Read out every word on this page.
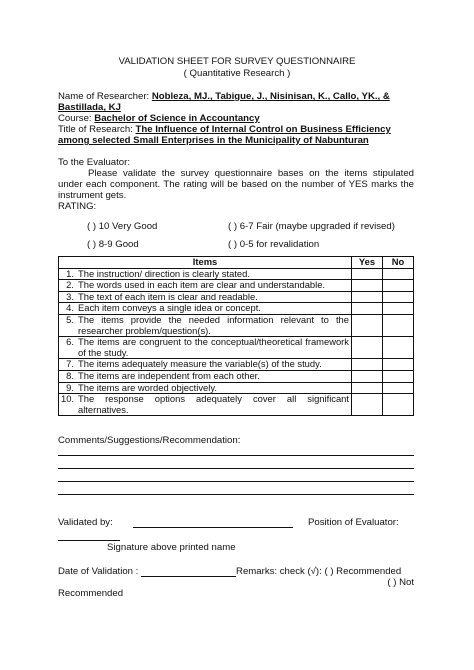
VALIDATION SHEET FOR SURVEY QUESTIONNAIRE
( Quantitative Research )
Name of Researcher: Nobleza, MJ., Tabigue, J., Nisinisan, K., Callo, YK., &
Bastillada, KJ
Course: Bachelor of Science in Accountancy
Title of Research: The Influence of Internal Control on Business Efficiency
among selected Small Enterprises in the Municipality of Nabunturan
To the Evaluator:
Please validate the survey questionnaire bases on the items stipulated under each component. The rating will be based on the number of YES marks the instrument gets.
RATING:
( ) 10 Very Good	( ) 6-7 Fair (maybe upgraded if revised)
( ) 8-9 Good	( ) 0-5 for revalidation
Items	Yes	No

1. The instruction/ direction is clearly stated.		

2. The words used in each item are clear and understandable.		

3. The text of each item is clear and readable.		

4. Each item conveys a single idea or concept.		

5. The items provide the needed information relevant to the researcher problem/question(s).		

6. The items are congruent to the conceptual/theoretical framework of the study.		

7. The items adequately measure the variable(s) of the study.		

8. The items are independent from each other.		

9. The items are worded objectively.		

10. The response options adequately cover all significant alternatives.		

Comments/Suggestions/Recommendation:
Validated by:	Position of Evaluator:
Signature above printed name
Date of Validation :	Remarks: check (√): ( ) Recommended
( ) Not
Recommended
